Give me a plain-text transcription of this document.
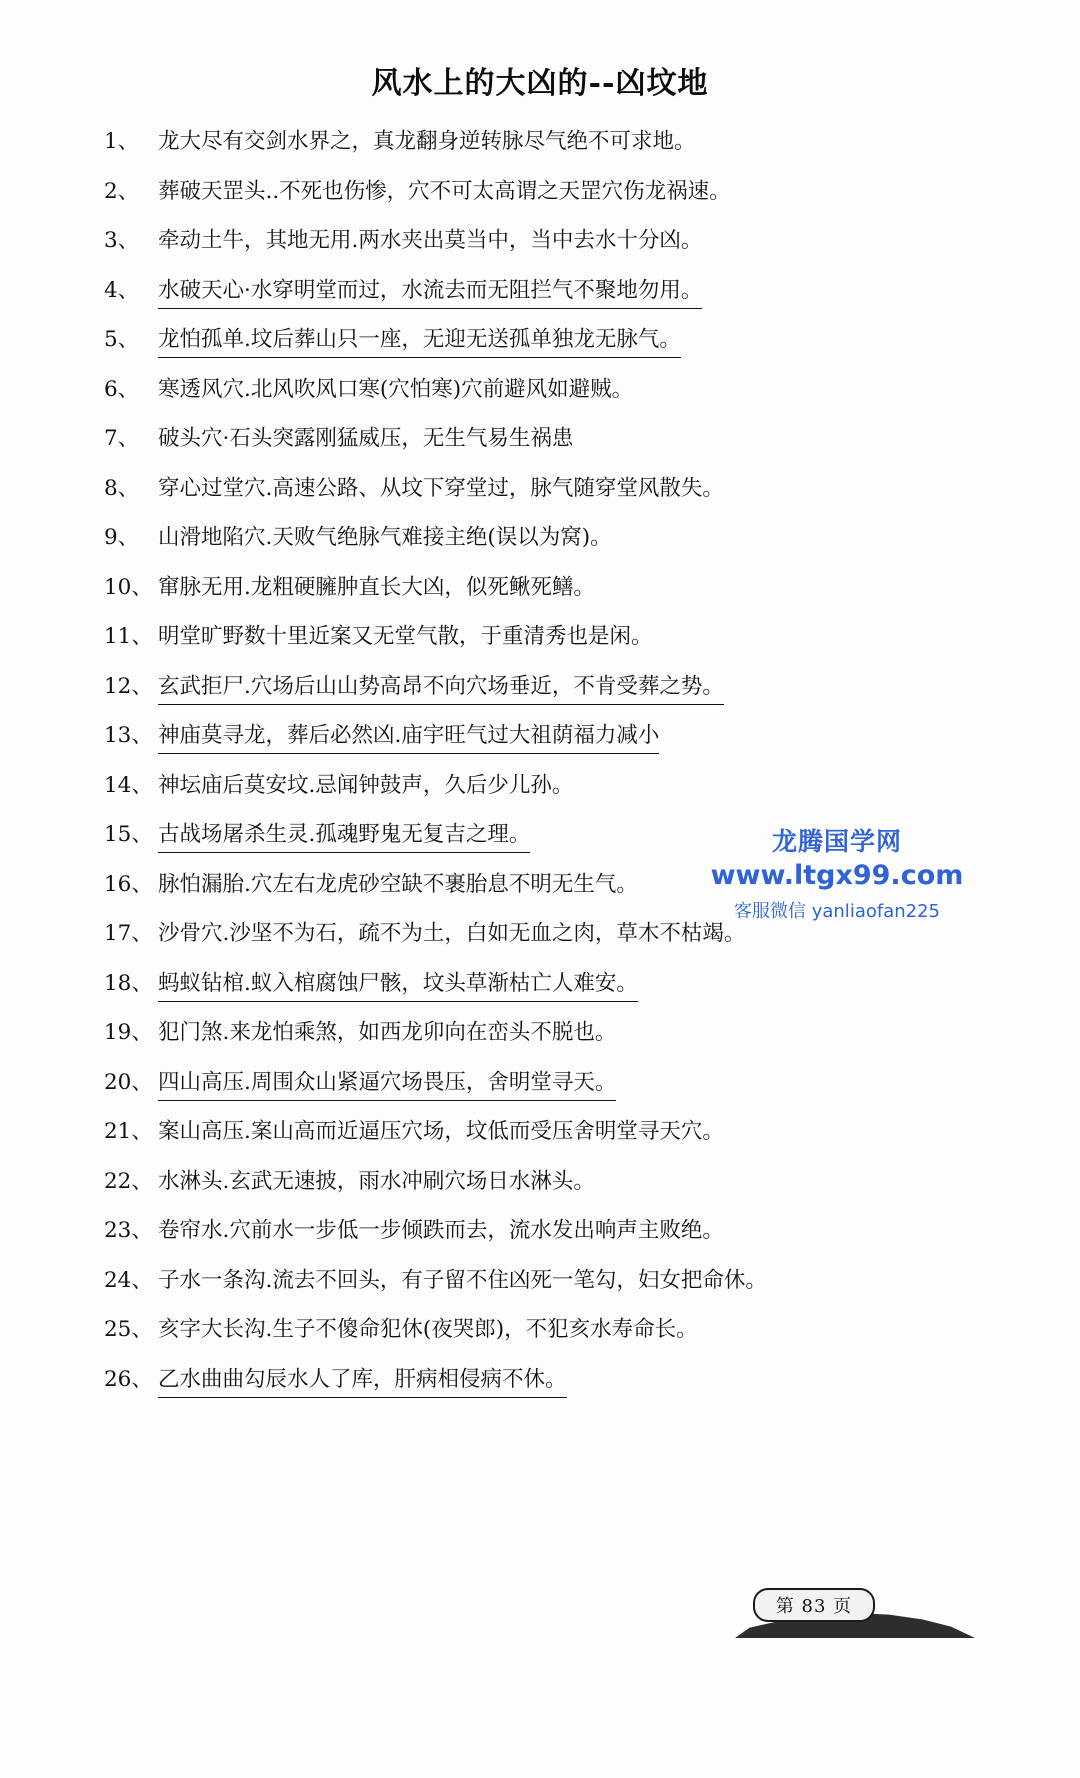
风水上的大凶的--凶坟地
1、 龙大尽有交剑水界之，真龙翻身逆转脉尽气绝不可求地。
2、 葬破天罡头..不死也伤惨，穴不可太高谓之天罡穴伤龙祸速。
3、 牵动土牛，其地无用.两水夹出莫当中，当中去水十分凶。
4、 水破天心·水穿明堂而过，水流去而无阻拦气不聚地勿用。
5、 龙怕孤单.坟后葬山只一座，无迎无送孤单独龙无脉气。
6、 寒透风穴.北风吹风口寒(穴怕寒)穴前避风如避贼。
7、 破头穴·石头突露刚猛威压，无生气易生祸患
8、 穿心过堂穴.高速公路、从坟下穿堂过，脉气随穿堂风散失。
9、 山滑地陷穴.天败气绝脉气难接主绝(误以为窝)。
10、 窜脉无用.龙粗硬臃肿直长大凶，似死鳅死鳝。
11、 明堂旷野数十里近案又无堂气散，于重清秀也是闲。
12、 玄武拒尸.穴场后山山势高昂不向穴场垂近，不肯受葬之势。
13、 神庙莫寻龙，葬后必然凶.庙宇旺气过大祖荫福力减小
14、 神坛庙后莫安坟.忌闻钟鼓声，久后少儿孙。
15、 古战场屠杀生灵.孤魂野鬼无复吉之理。
16、 脉怕漏胎.穴左右龙虎砂空缺不裹胎息不明无生气。
17、 沙骨穴.沙坚不为石，疏不为土，白如无血之肉，草木不枯竭。
18、 蚂蚁钻棺.蚁入棺腐蚀尸骸，坟头草渐枯亡人难安。
19、 犯门煞.来龙怕乘煞，如西龙卯向在峦头不脱也。
20、 四山高压.周围众山紧逼穴场畏压，舍明堂寻天。
21、 案山高压.案山高而近逼压穴场，坟低而受压舍明堂寻天穴。
22、 水淋头.玄武无速披，雨水冲刷穴场日水淋头。
23、 卷帘水.穴前水一步低一步倾跌而去，流水发出响声主败绝。
24、 子水一条沟.流去不回头，有子留不住凶死一笔勾，妇女把命休。
25、 亥字大长沟.生子不傻命犯休(夜哭郎)，不犯亥水寿命长。
26、 乙水曲曲勾辰水人了库，肝病相侵病不休。
龙腾国学网
www.ltgx99.com
客服微信 yanliaofan225
第 83 页
